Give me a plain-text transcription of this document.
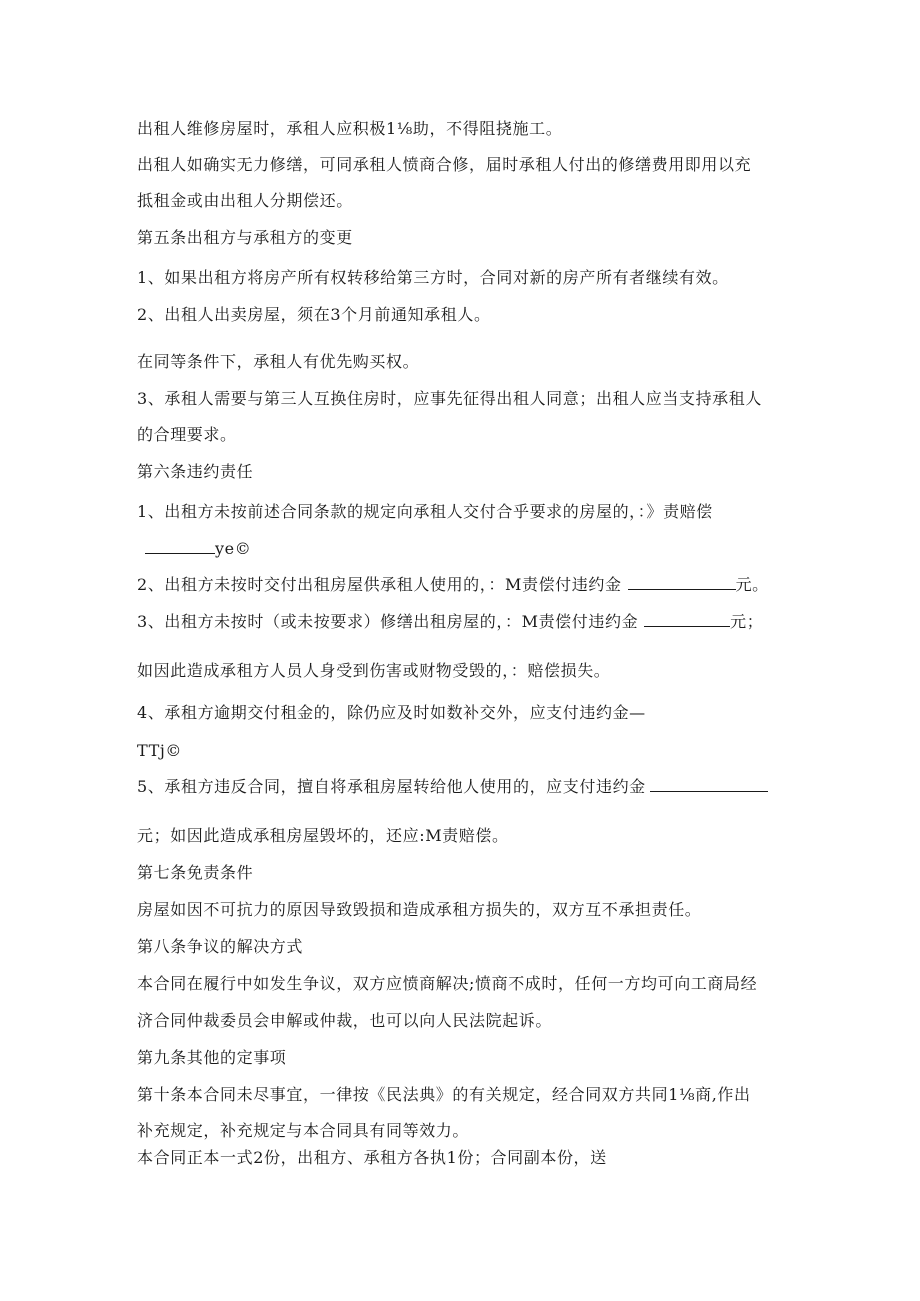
出租人维修房屋时，承租人应积极1⅛助，不得阻挠施工。
出租人如确实无力修缮，可同承租人愤商合修，届时承租人付出的修缮费用即用以充
抵租金或由出租人分期偿还。
第五条出租方与承租方的变更
1、如果出租方将房产所有权转移给第三方时，合同对新的房产所有者继续有效。
2、出租人出卖房屋，须在3个月前通知承租人。
在同等条件下，承租人有优先购买权。
3、承租人需要与第三人互换住房时，应事先征得出租人同意；出租人应当支持承租人
的合理要求。
第六条违约责任
1、出租方未按前述合同条款的规定向承租人交付合乎要求的房屋的，：》责赔偿
ye©
2、出租方未按时交付出租房屋供承租人使用的，：M责偿付违约金	元。
3、出租方未按时（或未按要求）修缮出租房屋的，：M责偿付违约金	元；
如因此造成承租方人员人身受到伤害或财物受毁的，：赔偿损失。
4、承租方逾期交付租金的，除仍应及时如数补交外，应支付违约金—
TTj©
5、承租方违反合同，擅自将承租房屋转给他人使用的，应支付违约金
元；如因此造成承租房屋毁坏的，还应:M责赔偿。
第七条免责条件
房屋如因不可抗力的原因导致毁损和造成承租方损失的，双方互不承担责任。
第八条争议的解决方式
本合同在履行中如发生争议，双方应愤商解决;愤商不成时，任何一方均可向工商局经
济合同仲裁委员会申解或仲裁，也可以向人民法院起诉。
第九条其他的定事项
第十条本合同未尽事宜，一律按《民法典》的有关规定，经合同双方共同1⅛商,作出
补充规定，补充规定与本合同具有同等效力。
本合同正本一式2份，出租方、承租方各执1份；合同副本份，送
